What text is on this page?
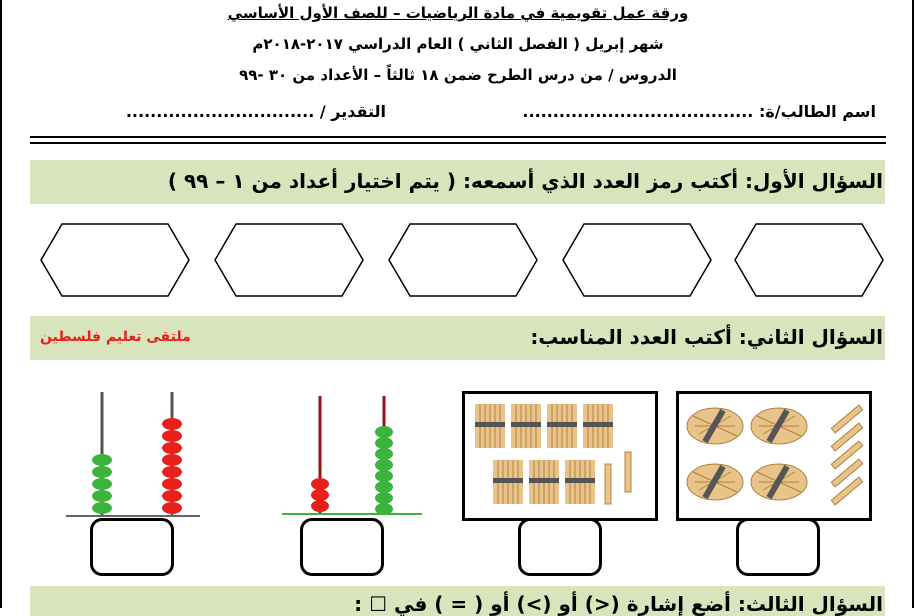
ورقة عمل تقويمية في مادة الرياضيات – للصف الأول الأساسي
شهر إبريل ( الفصل الثاني ) العام الدراسي ٢٠١٧-٢٠١٨م
الدروس / من درس الطرح ضمن ١٨ ثالثاً – الأعداد من ٣٠ -٩٩
اسم الطالب/ة: ......................................
التقدير / ...............................
السؤال الأول: أكتب رمز العدد الذي أسمعه: ( يتم اختيار أعداد من ١ – ٩٩ )
السؤال الثاني: أكتب العدد المناسب:
ملتقى تعليم فلسطين
السؤال الثالث: أضع إشارة (<) أو (>) أو ( = ) في ☐ :
